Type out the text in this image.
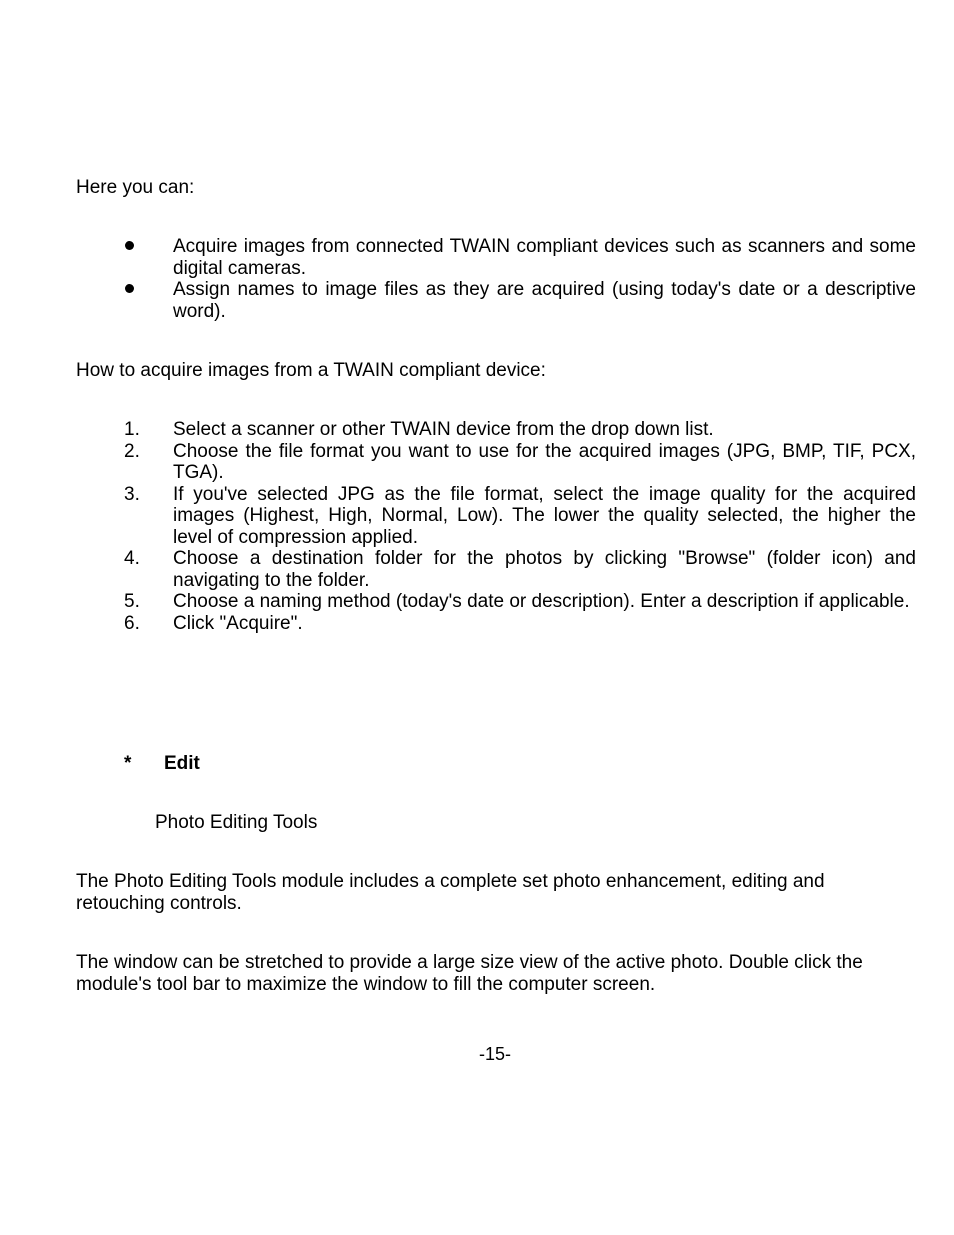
Here you can:

Acquire images from connected TWAIN compliant devices such as scanners and some digital cameras.
Assign names to image files as they are acquired (using today's date or a descriptive word).

How to acquire images from a TWAIN compliant device:

1. Select a scanner or other TWAIN device from the drop down list.
2. Choose the file format you want to use for the acquired images (JPG, BMP, TIF, PCX, TGA).
3. If you've selected JPG as the file format, select the image quality for the acquired images (Highest, High, Normal, Low). The lower the quality selected, the higher the level of compression applied.
4. Choose a destination folder for the photos by clicking "Browse" (folder icon) and navigating to the folder.
5. Choose a naming method (today's date or description). Enter a description if applicable.
6. Click "Acquire".
* Edit
Photo Editing Tools

The Photo Editing Tools module includes a complete set photo enhancement, editing and retouching controls.

The window can be stretched to provide a large size view of the active photo. Double click the module's tool bar to maximize the window to fill the computer screen.

-15-
